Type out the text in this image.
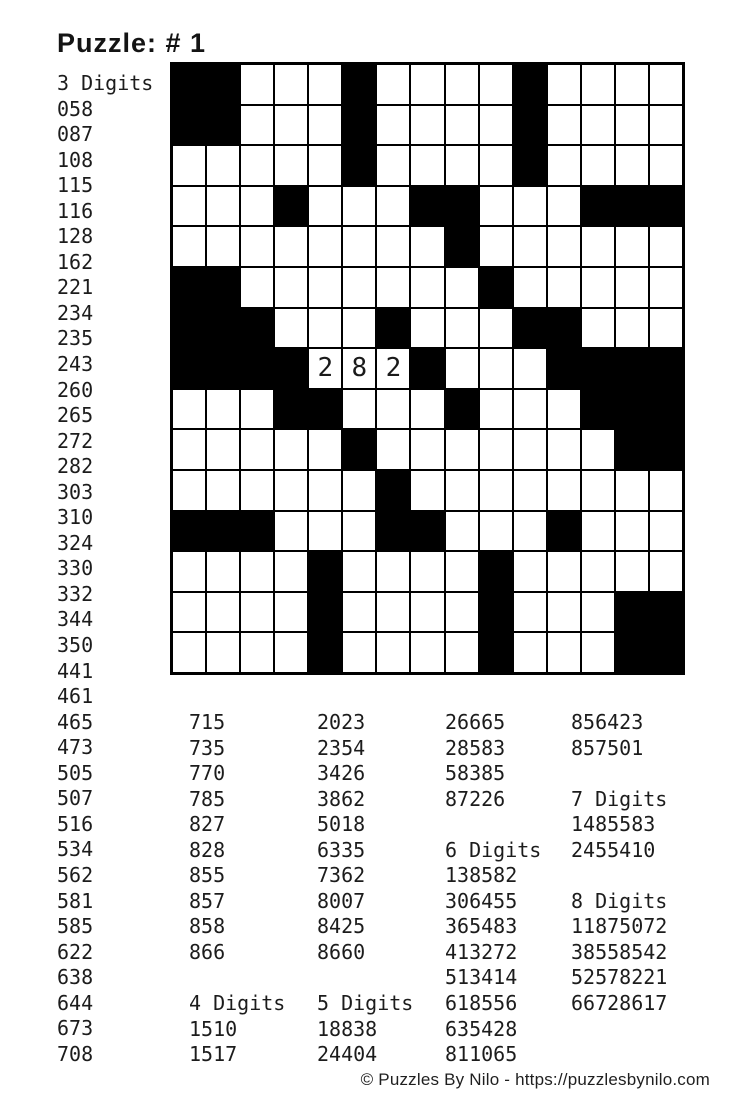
Puzzle: # 1
2 8 2
3 Digits
058
087
108
115
116
128
162
221
234
235
243
260
265
272
282
303
310
324
330
332
344
350
441
461
465
473
505
507
516
534
562
581
585
622
638
644
673
708
715
735
770
785
827
828
855
857
858
866
4 Digits
1510
1517
2023
2354
3426
3862
5018
6335
7362
8007
8425
8660
5 Digits
18838
24404
26665
28583
58385
87226
6 Digits
138582
306455
365483
413272
513414
618556
635428
811065
856423
857501
7 Digits
1485583
2455410
8 Digits
11875072
38558542
52578221
66728617
© Puzzles By Nilo - https://puzzlesbynilo.com
